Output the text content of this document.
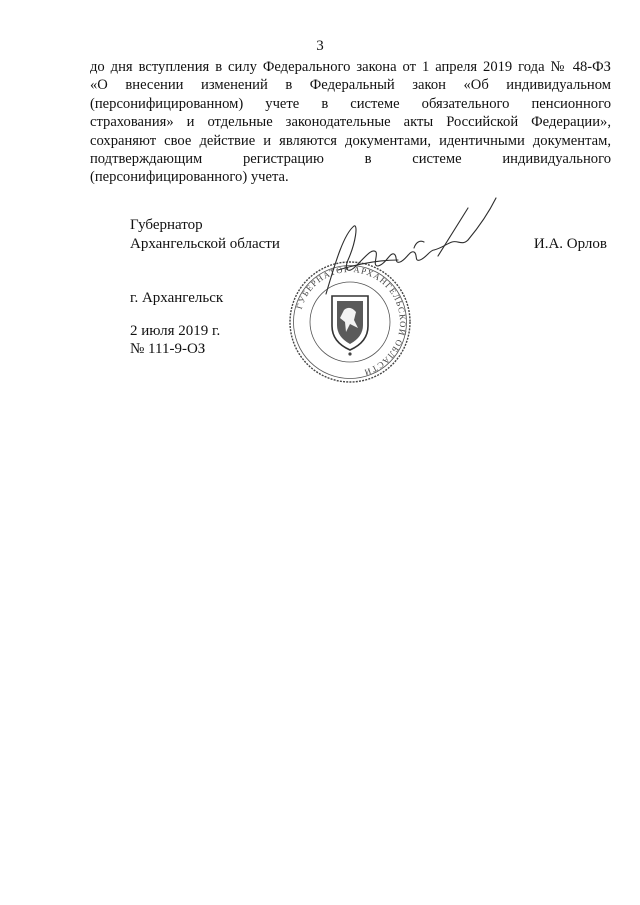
3
до дня вступления в силу Федерального закона от 1 апреля 2019 года № 48-ФЗ
«О внесении изменений в Федеральный закон «Об индивидуальном
(персонифицированном) учете в системе обязательного пенсионного
страхования» и отдельные законодательные акты Российской Федерации»,
сохраняют свое действие и являются документами, идентичными документам,
подтверждающим регистрацию в системе индивидуального
(персонифицированного) учета.
ГУБЕРНАТОР АРХАНГЕЛЬСКОЙ ОБЛАСТИ
Губернатор
Архангельской области	И.А. Орлов
г. Архангельск
2 июля 2019 г.
№ 111-9-ОЗ
